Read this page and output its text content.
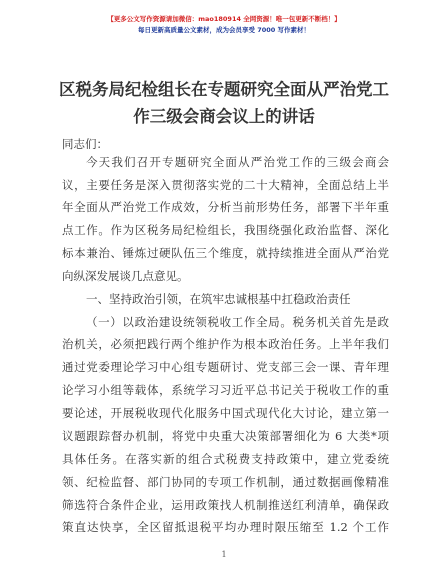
【更多公文写作资源请加微信：mao180914 全网资源！唯一包更新不断档！】
每日更新高质量公文素材，成为会员享受 7000 写作素材！
区税务局纪检组长在专题研究全面从严治党工
作三级会商会议上的讲话
同志们：
今天我们召开专题研究全面从严治党工作的三级会商会
议，主要任务是深入贯彻落实党的二十大精神，全面总结上半
年全面从严治党工作成效，分析当前形势任务，部署下半年重
点工作。作为区税务局纪检组长，我围绕强化政治监督、深化
标本兼治、锤炼过硬队伍三个维度，就持续推进全面从严治党
向纵深发展谈几点意见。
一、坚持政治引领，在筑牢忠诚根基中扛稳政治责任
（一）以政治建设统领税收工作全局。税务机关首先是政
治机关，必须把践行两个维护作为根本政治任务。上半年我们
通过党委理论学习中心组专题研讨、党支部三会一课、青年理
论学习小组等载体，系统学习习近平总书记关于税收工作的重
要论述，开展税收现代化服务中国式现代化大讨论，建立第一
议题跟踪督办机制，将党中央重大决策部署细化为 6 大类*项
具体任务。在落实新的组合式税费支持政策中，建立党委统
领、纪检监督、部门协同的专项工作机制，通过数据画像精准
筛选符合条件企业，运用政策找人机制推送红利清单，确保政
策直达快享，全区留抵退税平均办理时限压缩至 1.2 个工作
1
